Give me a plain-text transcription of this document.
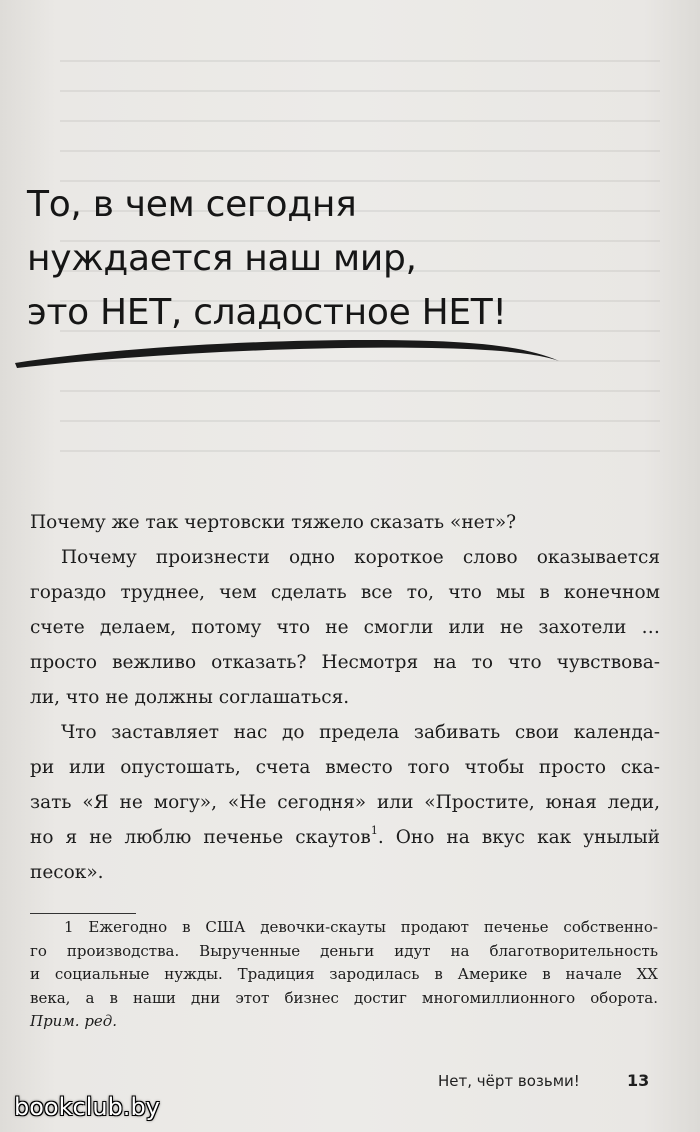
То, в чем сегодня
нуждается наш мир,
это НЕТ, сладостное НЕТ!

Почему же так чертовски тяжело сказать «нет»?

Почему произнести одно короткое слово оказывается
гораздо труднее, чем сделать все то, что мы в конечном
счете делаем, потому что не смогли или не захотели …
просто вежливо отказать? Несмотря на то что чувствова-
ли, что не должны соглашаться.

Что заставляет нас до предела забивать свои календа-
ри или опустошать, счета вместо того чтобы просто ска-
зать «Я не могу», «Не сегодня» или «Простите, юная леди,
но я не люблю печенье скаутов$^1$. Оно на вкус как унылый
песок».

1 Ежегодно в США девочки-скауты продают печенье собственно-
го производства. Вырученные деньги идут на благотворительность
и социальные нужды. Традиция зародилась в Америке в начале XX
века, а в наши дни этот бизнес достиг многомиллионного оборота.
Прим. ред.
Нет, чёрт возьми!	13
bookclub.by
